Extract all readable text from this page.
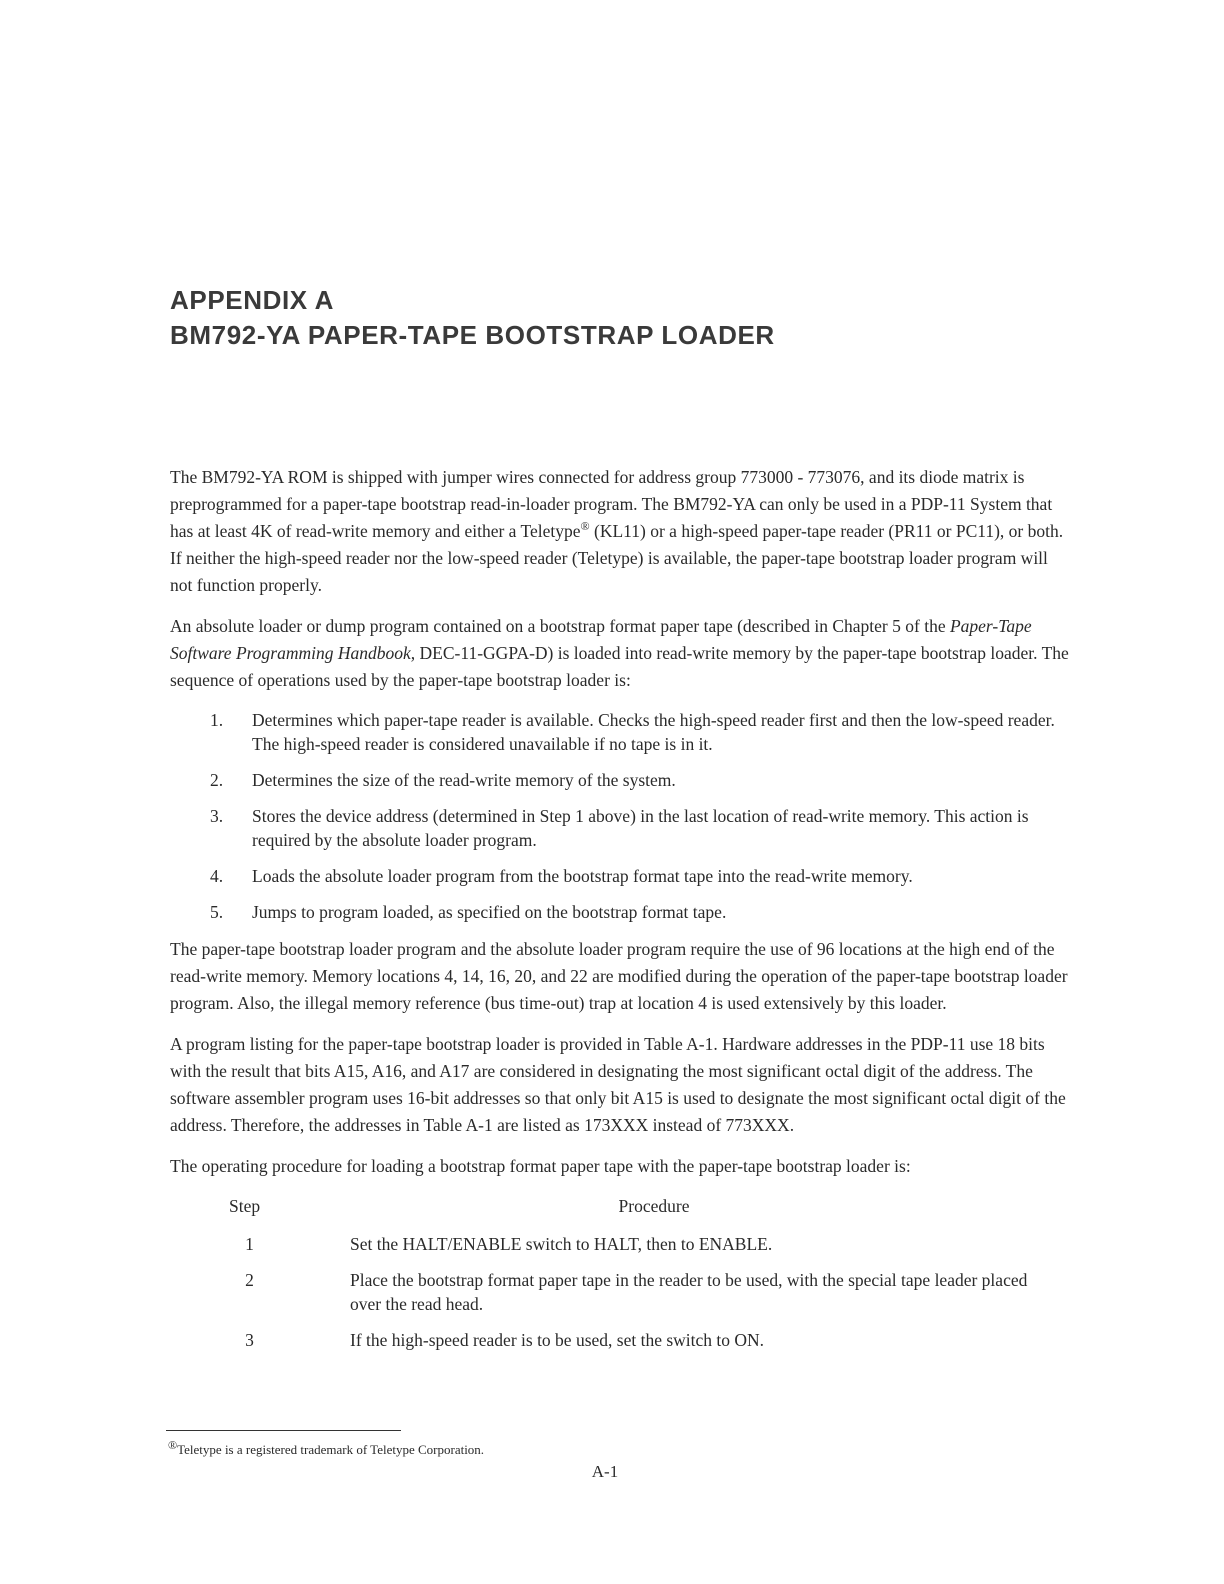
APPENDIX A
BM792-YA PAPER-TAPE BOOTSTRAP LOADER

The BM792-YA ROM is shipped with jumper wires connected for address group 773000 - 773076, and its diode matrix is preprogrammed for a paper-tape bootstrap read-in-loader program. The BM792-YA can only be used in a PDP-11 System that has at least 4K of read-write memory and either a Teletype® (KL11) or a high-speed paper-tape reader (PR11 or PC11), or both. If neither the high-speed reader nor the low-speed reader (Teletype) is available, the paper-tape bootstrap loader program will not function properly.

An absolute loader or dump program contained on a bootstrap format paper tape (described in Chapter 5 of the Paper-Tape Software Programming Handbook, DEC-11-GGPA-D) is loaded into read-write memory by the paper-tape bootstrap loader. The sequence of operations used by the paper-tape bootstrap loader is:

1. Determines which paper-tape reader is available. Checks the high-speed reader first and then the low-speed reader. The high-speed reader is considered unavailable if no tape is in it.
2. Determines the size of the read-write memory of the system.
3. Stores the device address (determined in Step 1 above) in the last location of read-write memory. This action is required by the absolute loader program.
4. Loads the absolute loader program from the bootstrap format tape into the read-write memory.
5. Jumps to program loaded, as specified on the bootstrap format tape.

The paper-tape bootstrap loader program and the absolute loader program require the use of 96 locations at the high end of the read-write memory. Memory locations 4, 14, 16, 20, and 22 are modified during the operation of the paper-tape bootstrap loader program. Also, the illegal memory reference (bus time-out) trap at location 4 is used extensively by this loader.

A program listing for the paper-tape bootstrap loader is provided in Table A-1. Hardware addresses in the PDP-11 use 18 bits with the result that bits A15, A16, and A17 are considered in designating the most significant octal digit of the address. The software assembler program uses 16-bit addresses so that only bit A15 is used to designate the most significant octal digit of the address. Therefore, the addresses in Table A-1 are listed as 173XXX instead of 773XXX.

The operating procedure for loading a bootstrap format paper tape with the paper-tape bootstrap loader is:

Step	Procedure
1	Set the HALT/ENABLE switch to HALT, then to ENABLE.
2	Place the bootstrap format paper tape in the reader to be used, with the special tape leader placed over the read head.
3	If the high-speed reader is to be used, set the switch to ON.
®Teletype is a registered trademark of Teletype Corporation.
A-1
